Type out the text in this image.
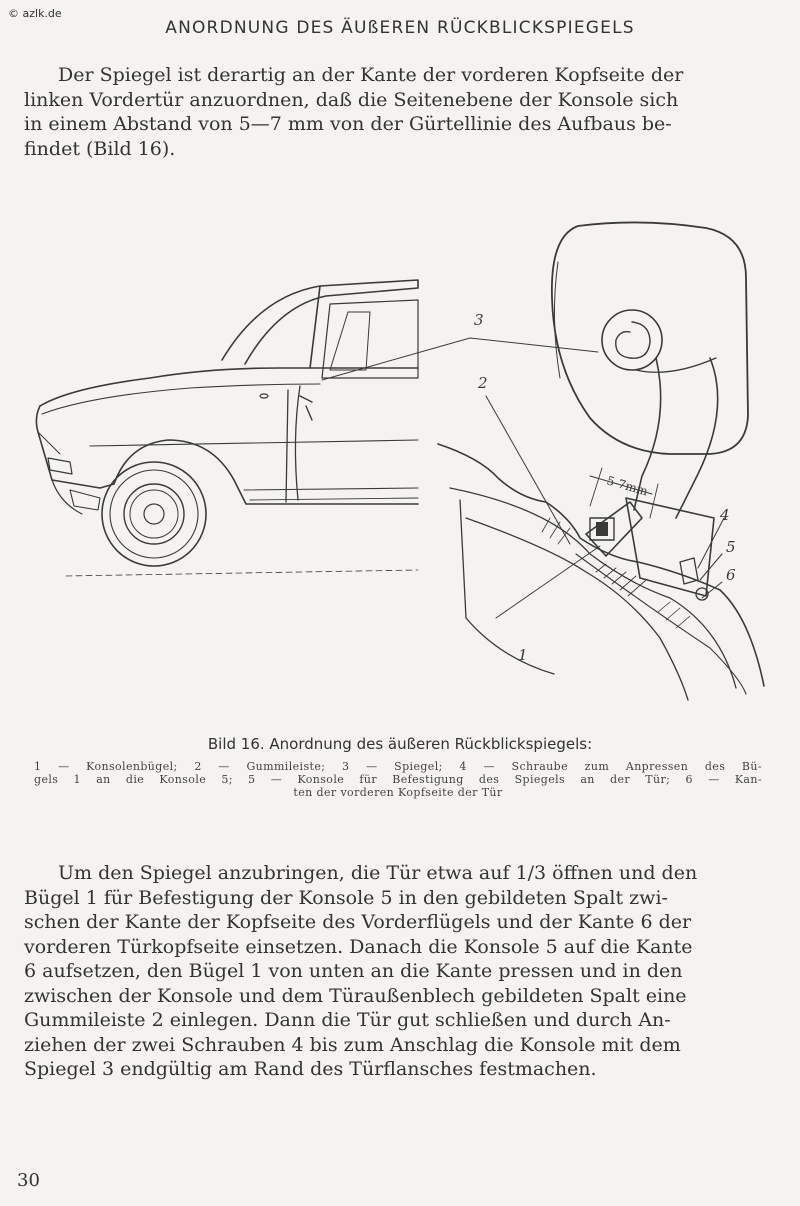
© azlk.de
ANORDNUNG DES ÄUßEREN RÜCKBLICKSPIEGELS
Der Spiegel ist derartig an der Kante der vorderen Kopfseite der
linken Vordertür anzuordnen, daß die Seitenebene der Konsole sich
in einem Abstand von 5—7 mm von der Gürtellinie des Aufbaus be-
findet (Bild 16).
5-7mm
3
2
4
5
6
1
Bild 16. Anordnung des äußeren Rückblickspiegels:
1 — Konsolenbügel; 2 — Gummileiste; 3 — Spiegel; 4 — Schraube zum Anpressen des Bü-
gels 1 an die Konsole 5; 5 — Konsole für Befestigung des Spiegels an der Tür; 6 — Kan-
ten der vorderen Kopfseite der Tür
Um den Spiegel anzubringen, die Tür etwa auf 1/3 öffnen und den
Bügel 1 für Befestigung der Konsole 5 in den gebildeten Spalt zwi-
schen der Kante der Kopfseite des Vorderflügels und der Kante 6 der
vorderen Türkopfseite einsetzen. Danach die Konsole 5 auf die Kante
6 aufsetzen, den Bügel 1 von unten an die Kante pressen und in den
zwischen der Konsole und dem Türaußenblech gebildeten Spalt eine
Gummileiste 2 einlegen. Dann die Tür gut schließen und durch An-
ziehen der zwei Schrauben 4 bis zum Anschlag die Konsole mit dem
Spiegel 3 endgültig am Rand des Türflansches festmachen.
30
